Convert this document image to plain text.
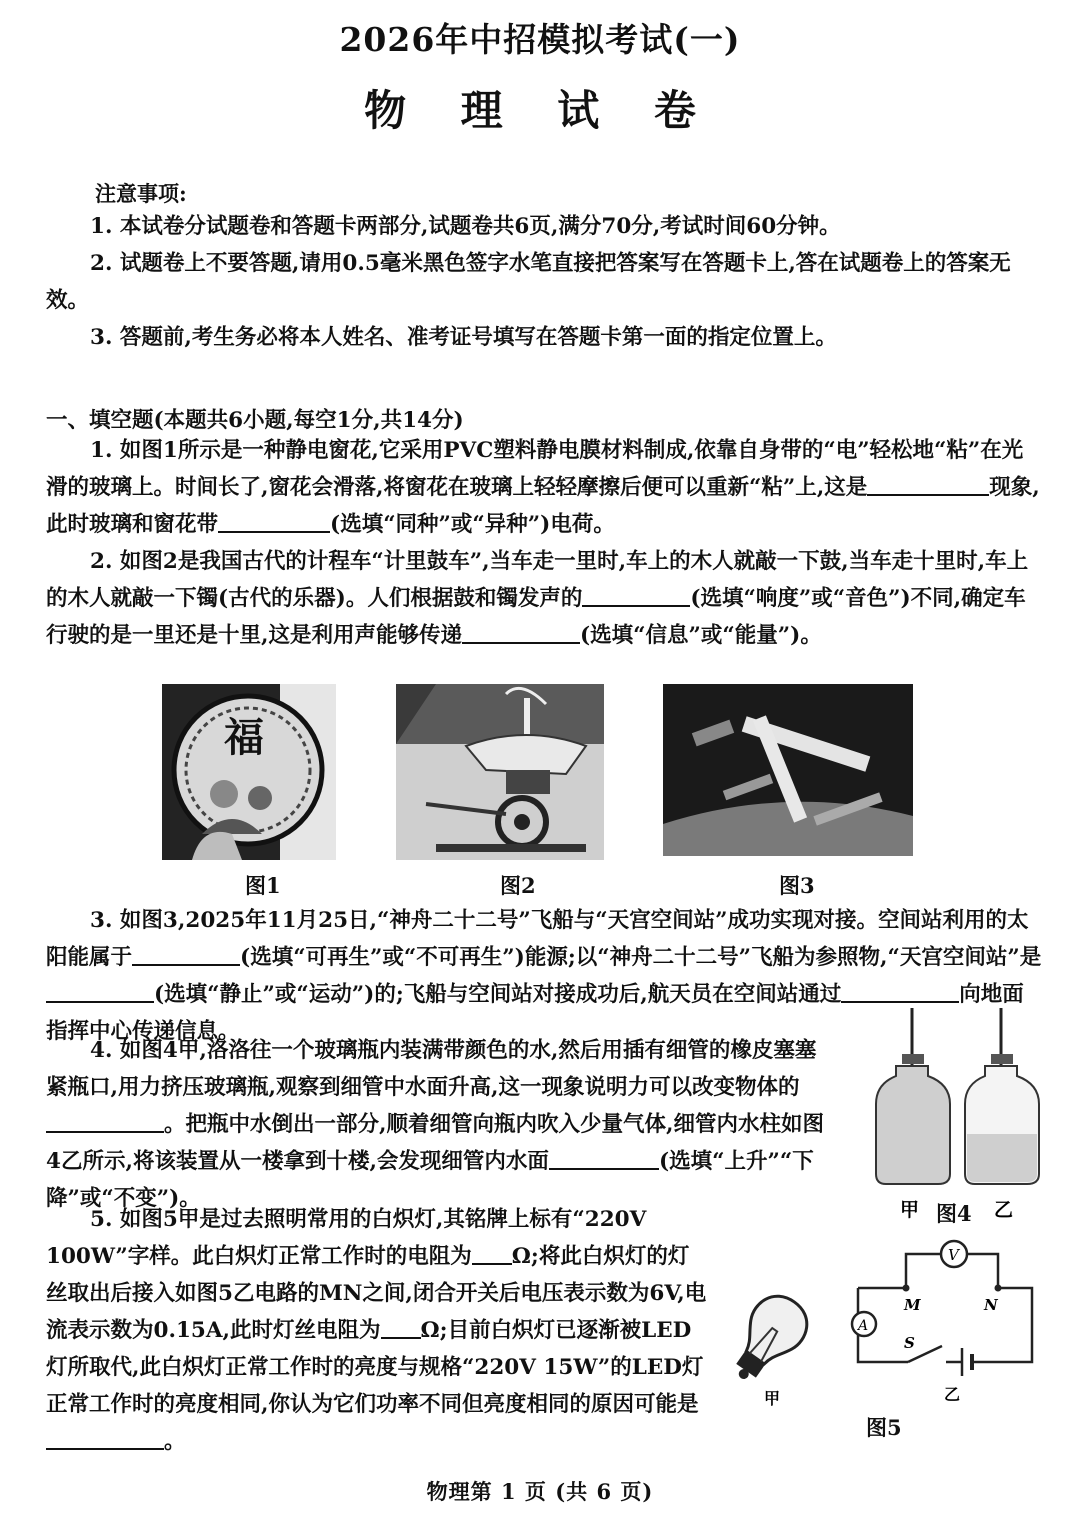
2026年中招模拟考试(一)
物 理 试 卷
注意事项:

1. 本试卷分试题卷和答题卡两部分,试题卷共6页,满分70分,考试时间60分钟。

2. 试题卷上不要答题,请用0.5毫米黑色签字水笔直接把答案写在答题卡上,答在试题卷上的答案无效。

3. 答题前,考生务必将本人姓名、准考证号填写在答题卡第一面的指定位置上。

一、填空题(本题共6小题,每空1分,共14分)

1. 如图1所示是一种静电窗花,它采用PVC塑料静电膜材料制成,依靠自身带的“电”轻松地“粘”在光滑的玻璃上。时间长了,窗花会滑落,将窗花在玻璃上轻轻摩擦后便可以重新“粘”上,这是	现象,此时玻璃和窗花带	(选填“同种”或“异种”)电荷。

2. 如图2是我国古代的计程车“计里鼓车”,当车走一里时,车上的木人就敲一下鼓,当车走十里时,车上的木人就敲一下镯(古代的乐器)。人们根据鼓和镯发声的	(选填“响度”或“音色”)不同,确定车行驶的是一里还是十里,这是利用声能够传递	(选填“信息”或“能量”)。

福
图1	图2	图3

3. 如图3,2025年11月25日,“神舟二十二号”飞船与“天宫空间站”成功实现对接。空间站利用的太阳能属于	(选填“可再生”或“不可再生”)能源;以“神舟二十二号”飞船为参照物,“天宫空间站”是(选填“静止”或“运动”)的;飞船与空间站对接成功后,航天员在空间站通过	向地面指挥中心传递信息。

4. 如图4甲,洛洛往一个玻璃瓶内装满带颜色的水,然后用插有细管的橡皮塞塞紧瓶口,用力挤压玻璃瓶,观察到细管中水面升高,这一现象说明力可以改变物体的。把瓶中水倒出一部分,顺着细管向瓶内吹入少量气体,细管内水柱如图4乙所示,将该装置从一楼拿到十楼,会发现细管内水面	(选填“上升”“下降”或“不变”)。	甲	乙
图4

5. 如图5甲是过去照明常用的白炽灯,其铭牌上标有“220V 100W”字样。此白炽灯正常工作时的电阻为 Ω;将此白炽灯的灯丝取出后接入如图5乙电路的MN之间,闭合开关后电压表示数为6V,电流表示数为0.15A,此时灯丝电阻为 Ω;目前白炽灯已逐渐被LED灯所取代,此白炽灯正常工作时的亮度与规格“220V 15W”的LED灯正常工作时的亮度相同,你认为它们功率不同但亮度相同的原因可能是。

甲
V
A
M	N
S
乙
图5
物理第 1 页 (共 6 页)
